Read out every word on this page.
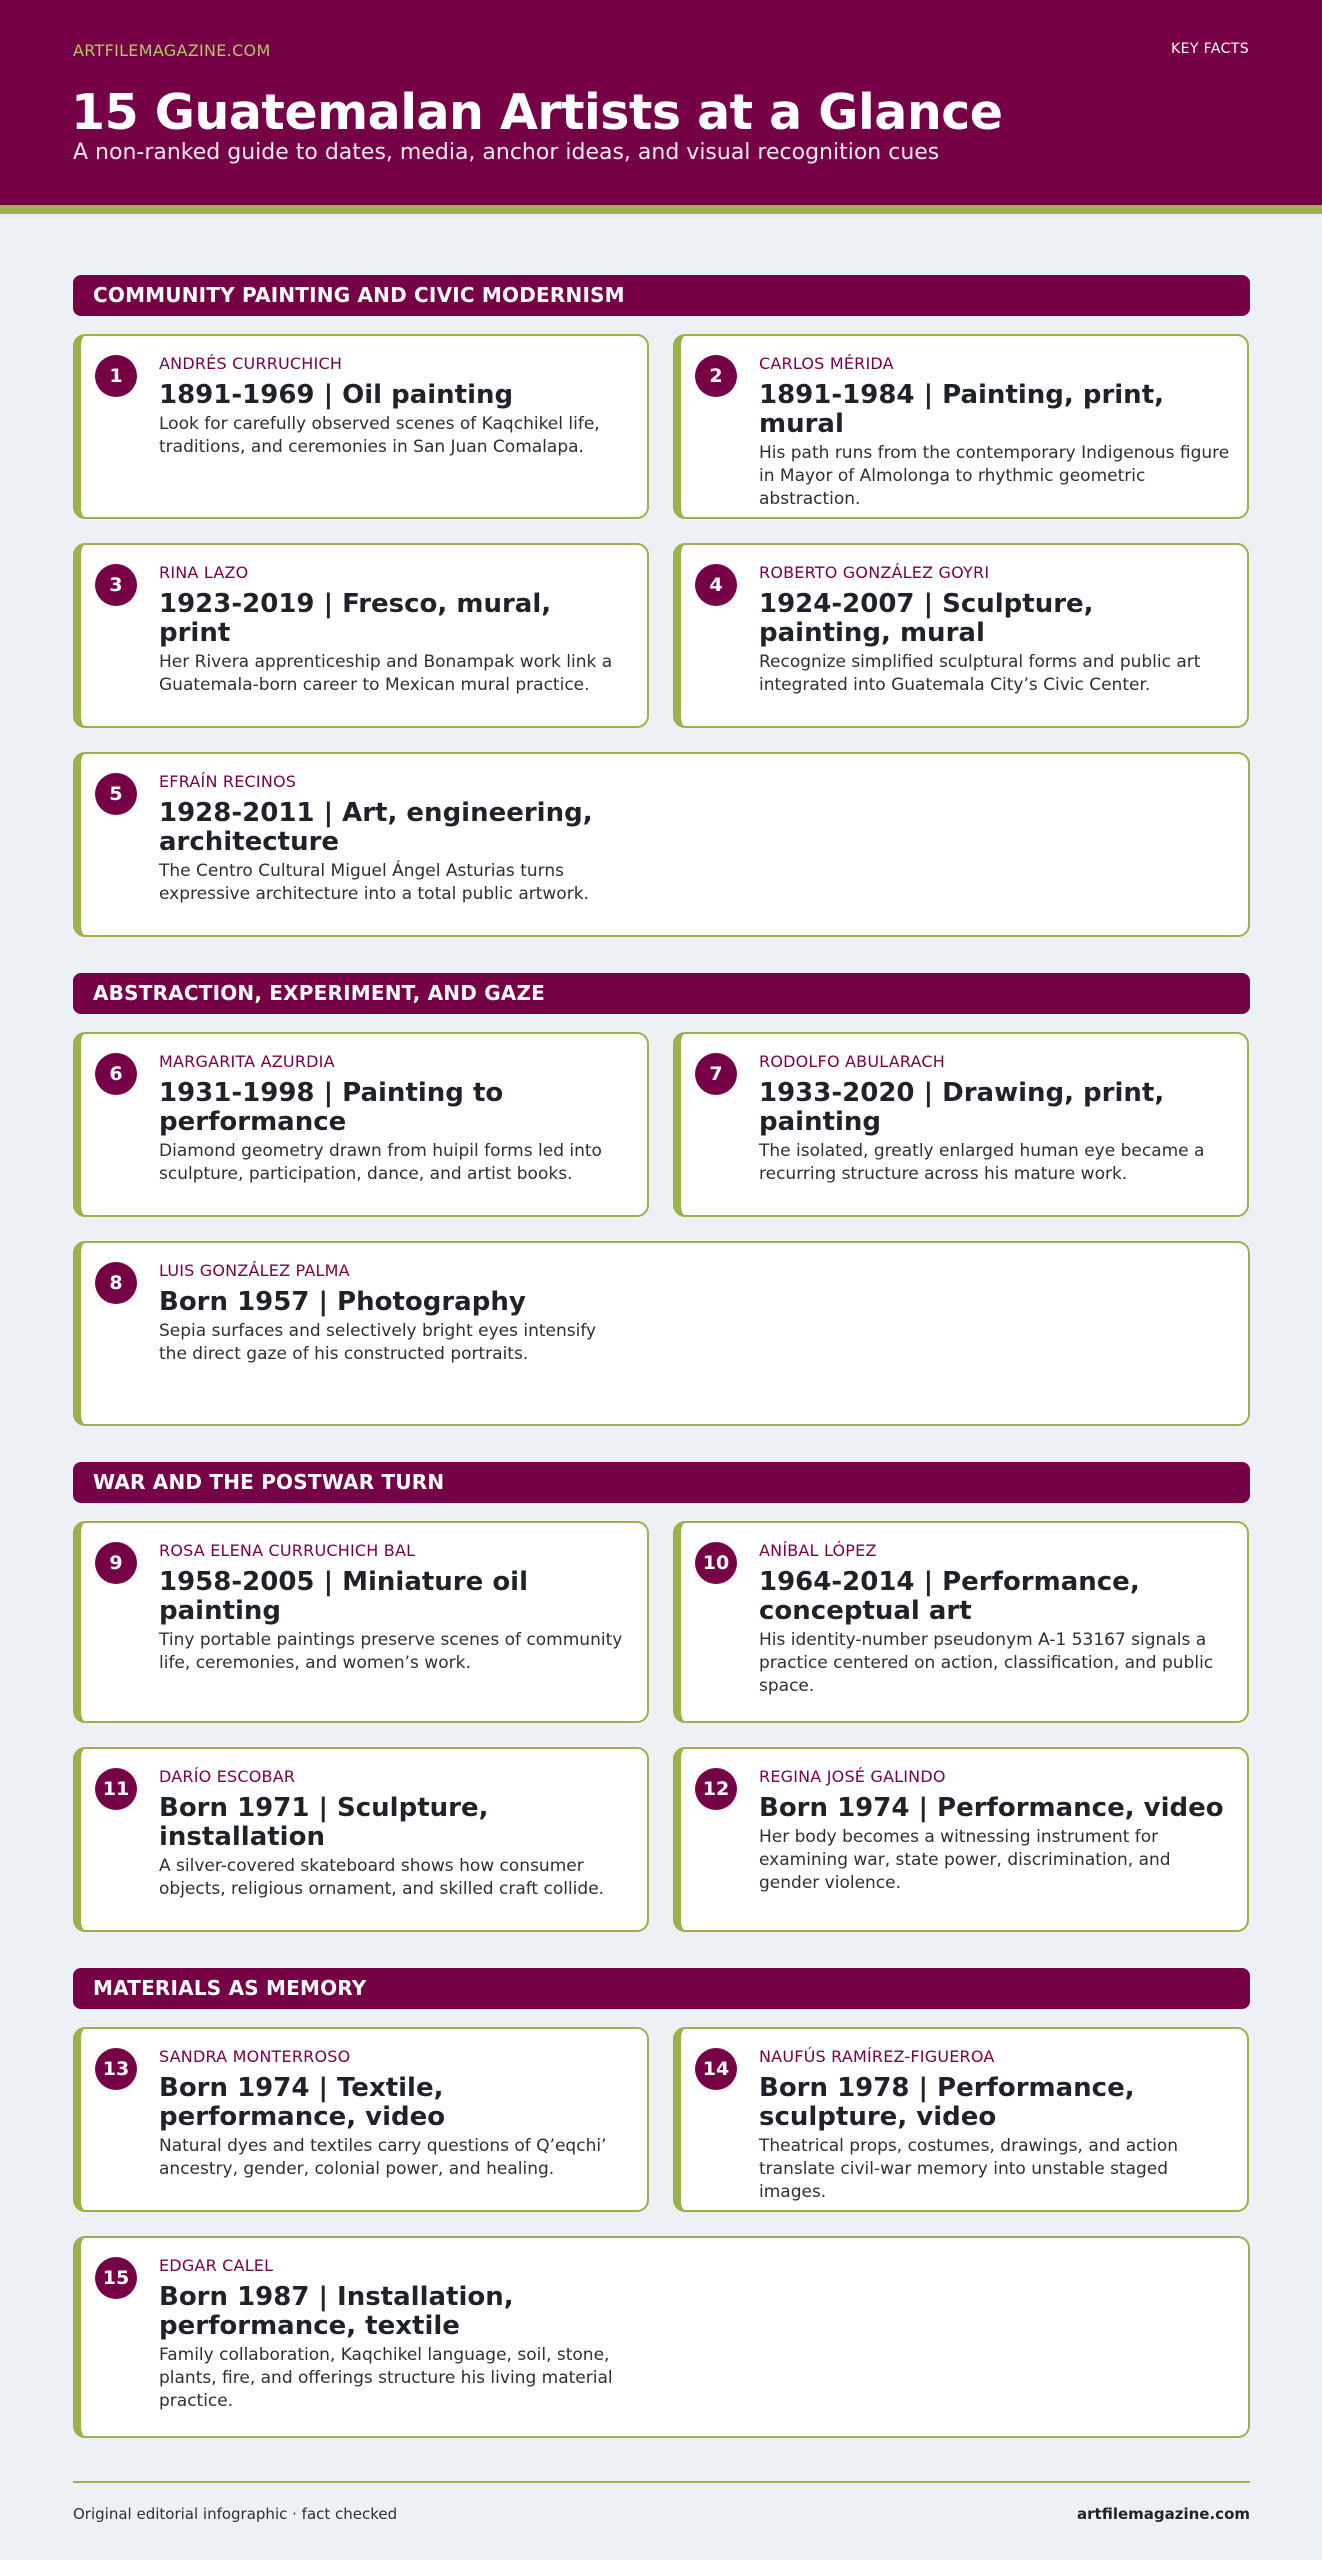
ARTFILEMAGAZINE.COM	KEY FACTS
15 Guatemalan Artists at a Glance
A non-ranked guide to dates, media, anchor ideas, and visual recognition cues
COMMUNITY PAINTING AND CIVIC MODERNISM
1
ANDRÉS CURRUCHICH
1891-1969 | Oil painting
Look for carefully observed scenes of Kaqchikel life, traditions, and ceremonies in San Juan Comalapa.
2
CARLOS MÉRIDA
1891-1984 | Painting, print, mural
His path runs from the contemporary Indigenous figure in Mayor of Almolonga to rhythmic geometric abstraction.
3
RINA LAZO
1923-2019 | Fresco, mural, print
Her Rivera apprenticeship and Bonampak work link a Guatemala-born career to Mexican mural practice.
4
ROBERTO GONZÁLEZ GOYRI
1924-2007 | Sculpture, painting, mural
Recognize simplified sculptural forms and public art integrated into Guatemala City’s Civic Center.
5
EFRAÍN RECINOS
1928-2011 | Art, engineering, architecture
The Centro Cultural Miguel Ángel Asturias turns expressive architecture into a total public artwork.
ABSTRACTION, EXPERIMENT, AND GAZE
6
MARGARITA AZURDIA
1931-1998 | Painting to performance
Diamond geometry drawn from huipil forms led into sculpture, participation, dance, and artist books.
7
RODOLFO ABULARACH
1933-2020 | Drawing, print, painting
The isolated, greatly enlarged human eye became a recurring structure across his mature work.
8
LUIS GONZÁLEZ PALMA
Born 1957 | Photography
Sepia surfaces and selectively bright eyes intensify the direct gaze of his constructed portraits.
WAR AND THE POSTWAR TURN
9
ROSA ELENA CURRUCHICH BAL
1958-2005 | Miniature oil painting
Tiny portable paintings preserve scenes of community life, ceremonies, and women’s work.
10
ANÍBAL LÓPEZ
1964-2014 | Performance, conceptual art
His identity-number pseudonym A-1 53167 signals a practice centered on action, classification, and public space.
11
DARÍO ESCOBAR
Born 1971 | Sculpture, installation
A silver-covered skateboard shows how consumer objects, religious ornament, and skilled craft collide.
12
REGINA JOSÉ GALINDO
Born 1974 | Performance, video
Her body becomes a witnessing instrument for examining war, state power, discrimination, and gender violence.
MATERIALS AS MEMORY
13
SANDRA MONTERROSO
Born 1974 | Textile, performance, video
Natural dyes and textiles carry questions of Q’eqchi’ ancestry, gender, colonial power, and healing.
14
NAUFÚS RAMÍREZ-FIGUEROA
Born 1978 | Performance, sculpture, video
Theatrical props, costumes, drawings, and action translate civil-war memory into unstable staged images.
15
EDGAR CALEL
Born 1987 | Installation, performance, textile
Family collaboration, Kaqchikel language, soil, stone, plants, fire, and offerings structure his living material practice.
Original editorial infographic · fact checked	artfilemagazine.com
